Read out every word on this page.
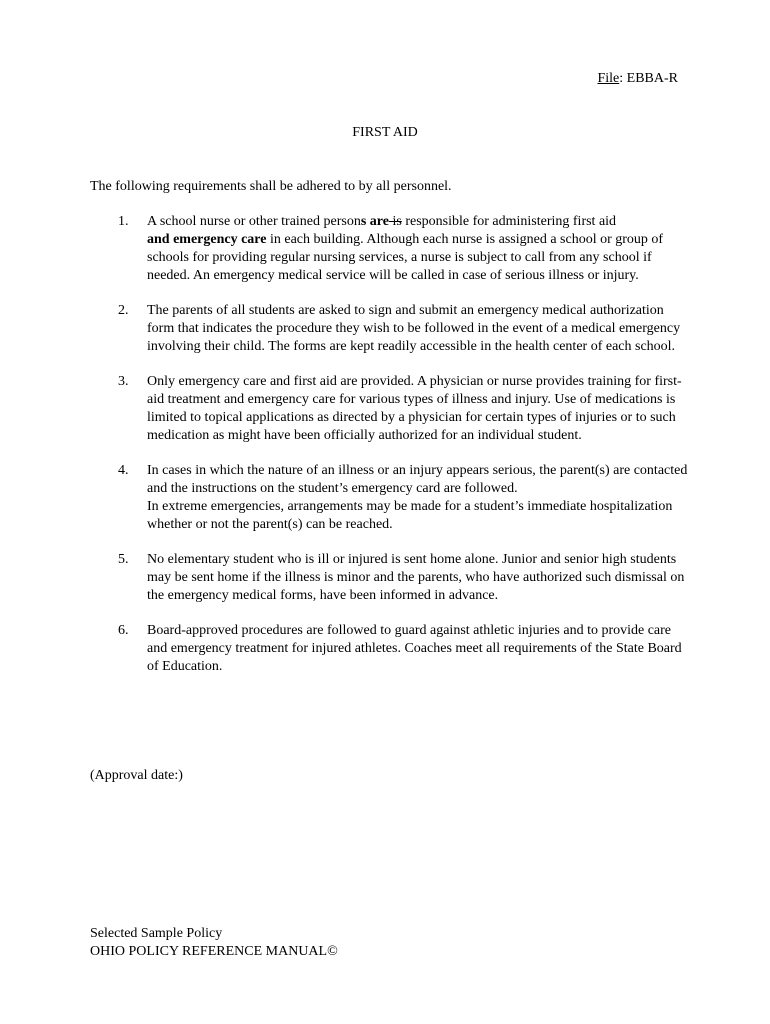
File: EBBA-R
FIRST AID
The following requirements shall be adhered to by all personnel.
1. A school nurse or other trained persons are is responsible for administering first aid
and emergency care in each building. Although each nurse is assigned a school or group of schools for providing regular nursing services, a nurse is subject to call from any school if needed. An emergency medical service will be called in case of serious illness or injury.
2. The parents of all students are asked to sign and submit an emergency medical authorization form that indicates the procedure they wish to be followed in the event of a medical emergency involving their child. The forms are kept readily accessible in the health center of each school.
3. Only emergency care and first aid are provided. A physician or nurse provides training for first-aid treatment and emergency care for various types of illness and injury. Use of medications is limited to topical applications as directed by a physician for certain types of injuries or to such medication as might have been officially authorized for an individual student.
4. In cases in which the nature of an illness or an injury appears serious, the parent(s) are contacted and the instructions on the student’s emergency card are followed.
In extreme emergencies, arrangements may be made for a student’s immediate hospitalization whether or not the parent(s) can be reached.
5. No elementary student who is ill or injured is sent home alone. Junior and senior high students may be sent home if the illness is minor and the parents, who have authorized such dismissal on the emergency medical forms, have been informed in advance.
6. Board-approved procedures are followed to guard against athletic injuries and to provide care and emergency treatment for injured athletes. Coaches meet all requirements of the State Board of Education.
(Approval date:)
Selected Sample Policy
OHIO POLICY REFERENCE MANUAL©
